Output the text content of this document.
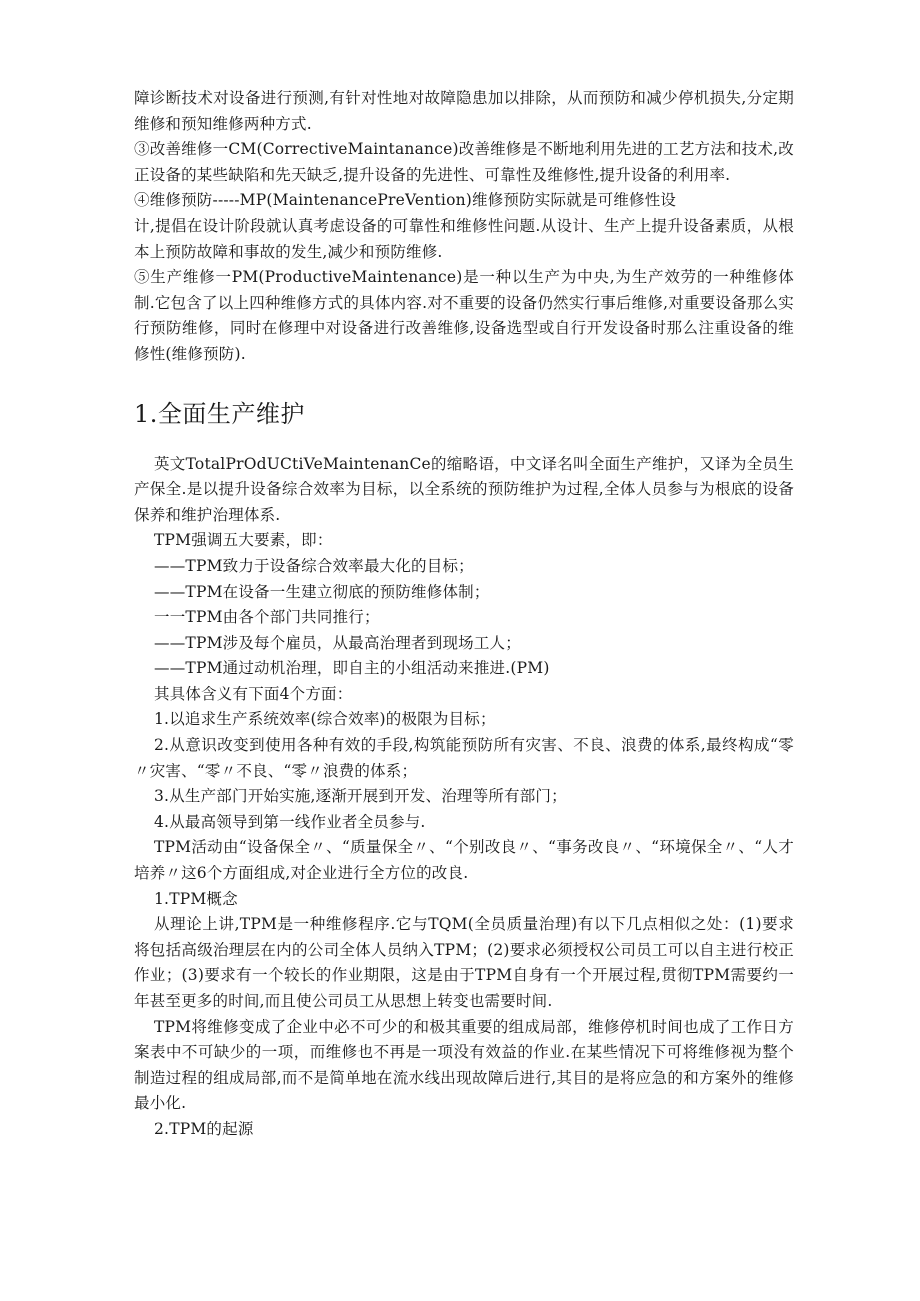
障诊断技术对设备进行预测,有针对性地对故障隐患加以排除，从而预防和减少停机损失,分定期维修和预知维修两种方式.

③改善维修一CM(CorrectiveMaintanance)改善维修是不断地利用先进的工艺方法和技术,改正设备的某些缺陷和先天缺乏,提升设备的先进性、可靠性及维修性,提升设备的利用率.

④维修预防-----MP(MaintenancePreVention)维修预防实际就是可维修性设

计,提倡在设计阶段就认真考虑设备的可靠性和维修性问题.从设计、生产上提升设备素质，从根本上预防故障和事故的发生,减少和预防维修.

⑤生产维修一PM(ProductiveMaintenance)是一种以生产为中央,为生产效劳的一种维修体制.它包含了以上四种维修方式的具体内容.对不重要的设备仍然实行事后维修,对重要设备那么实行预防维修，同时在修理中对设备进行改善维修,设备选型或自行开发设备时那么注重设备的维修性(维修预防).

1.全面生产维护

英文TotalPrOdUCtiVeMaintenanCe的缩略语，中文译名叫全面生产维护，又译为全员生产保全.是以提升设备综合效率为目标，以全系统的预防维护为过程,全体人员参与为根底的设备保养和维护治理体系.

TPM强调五大要素，即：

——TPM致力于设备综合效率最大化的目标；

——TPM在设备一生建立彻底的预防维修体制；

一一TPM由各个部门共同推行；

——TPM涉及每个雇员，从最高治理者到现场工人；

——TPM通过动机治理，即自主的小组活动来推进.(PM)

其具体含义有下面4个方面：

1.以追求生产系统效率(综合效率)的极限为目标；

2.从意识改变到使用各种有效的手段,构筑能预防所有灾害、不良、浪费的体系,最终构成“零〃灾害、“零〃不良、“零〃浪费的体系；

3.从生产部门开始实施,逐渐开展到开发、治理等所有部门；

4.从最高领导到第一线作业者全员参与.

TPM活动由“设备保全〃、“质量保全〃、“个别改良〃、“事务改良〃、“环境保全〃、“人才培养〃这6个方面组成,对企业进行全方位的改良.

1.TPM概念

从理论上讲,TPM是一种维修程序.它与TQM(全员质量治理)有以下几点相似之处：(1)要求将包括高级治理层在内的公司全体人员纳入TPM；(2)要求必须授权公司员工可以自主进行校正作业；(3)要求有一个较长的作业期限，这是由于TPM自身有一个开展过程,贯彻TPM需要约一年甚至更多的时间,而且使公司员工从思想上转变也需要时间.

TPM将维修变成了企业中必不可少的和极其重要的组成局部，维修停机时间也成了工作日方案表中不可缺少的一项，而维修也不再是一项没有效益的作业.在某些情况下可将维修视为整个制造过程的组成局部,而不是简单地在流水线出现故障后进行,其目的是将应急的和方案外的维修最小化.

2.TPM的起源
